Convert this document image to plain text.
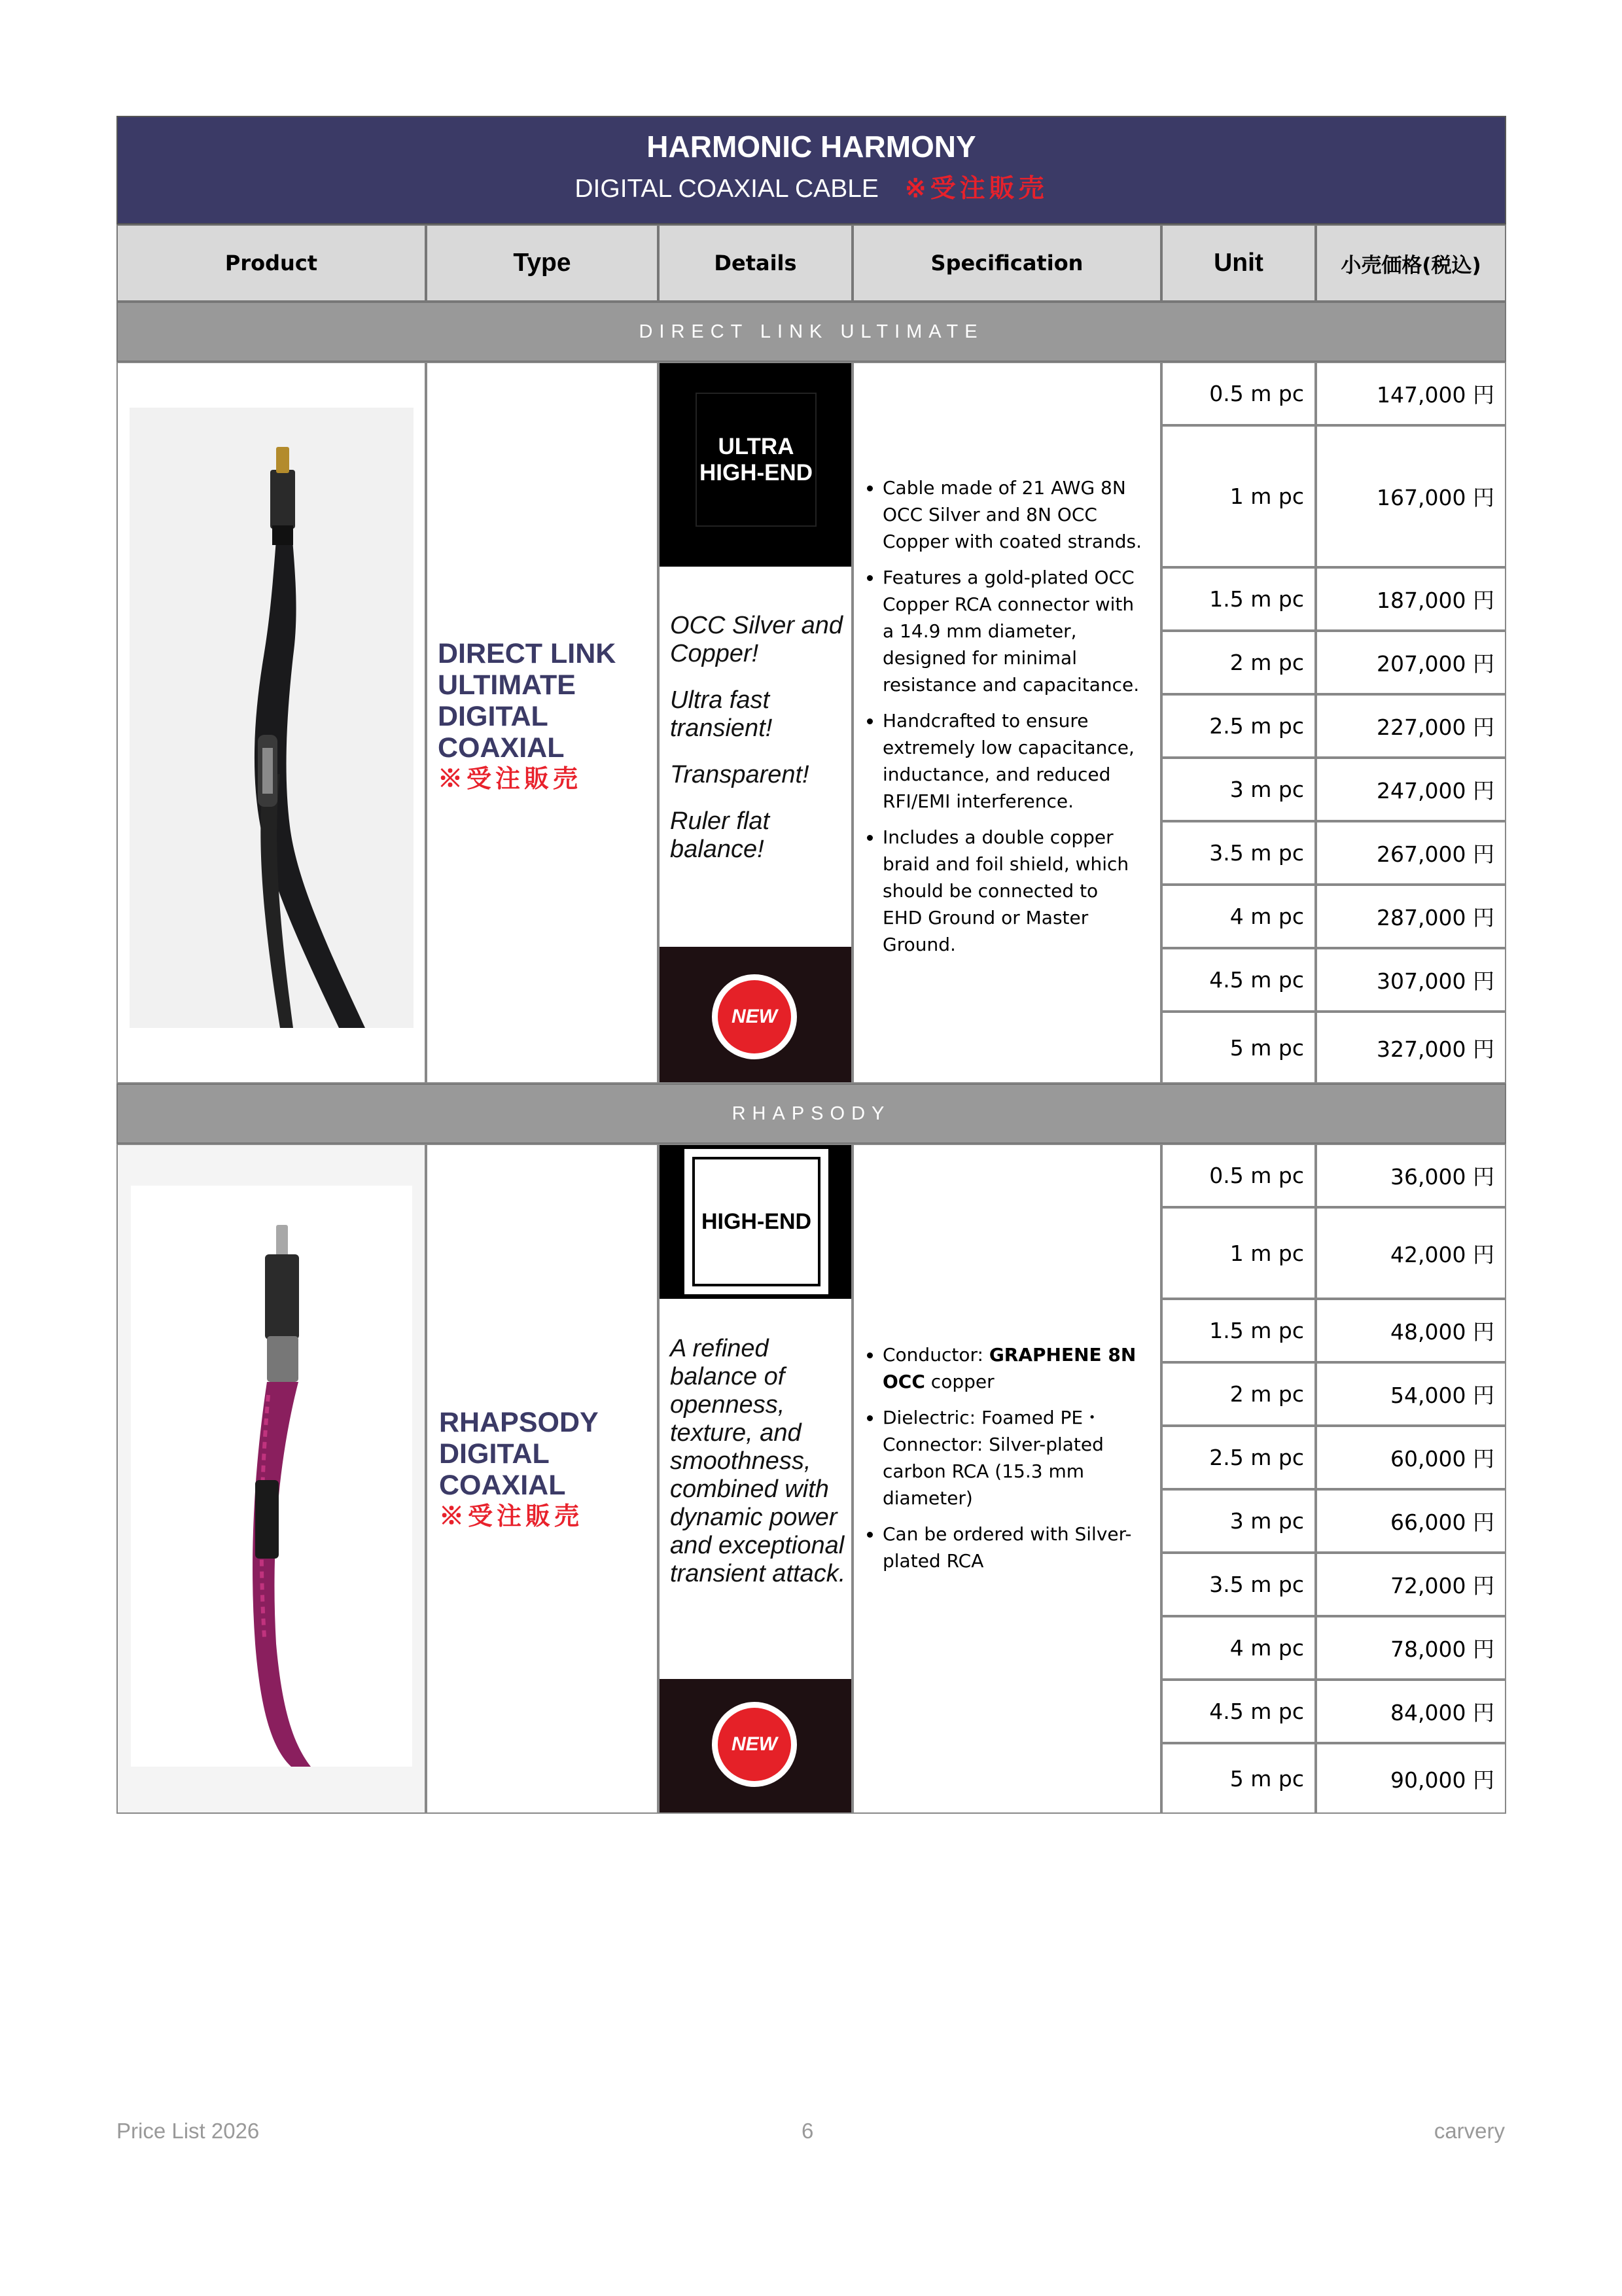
HARMONIC HARMONY
DIGITAL COAXIAL CABLE ※受注販売
Product	Type	Details	Specification	Unit	小売価格(税込)
DIRECT LINK ULTIMATE
DIRECT LINK
ULTIMATE
DIGITAL
COAXIAL
※受注販売
ULTRA
HIGH-END
OCC Silver and Copper!
Ultra fast transient!
Transparent!
Ruler flat balance!
NEW
• Cable made of 21 AWG 8N OCC Silver and 8N OCC Copper with coated strands.
• Features a gold-plated OCC Copper RCA connector with a 14.9 mm diameter, designed for minimal resistance and capacitance.
• Handcrafted to ensure extremely low capacitance, inductance, and reduced RFI/EMI interference.
• Includes a double copper braid and foil shield, which should be connected to EHD Ground or Master Ground.
0.5 m pc	147,000 円
1 m pc	167,000 円
1.5 m pc	187,000 円
2 m pc	207,000 円
2.5 m pc	227,000 円
3 m pc	247,000 円
3.5 m pc	267,000 円
4 m pc	287,000 円
4.5 m pc	307,000 円
5 m pc	327,000 円
RHAPSODY
RHAPSODY
DIGITAL
COAXIAL
※受注販売
HIGH-END
A refined balance of openness, texture, and smoothness, combined with dynamic power and exceptional transient attack.
NEW
• Conductor: GRAPHENE 8N OCC copper
• Dielectric: Foamed PE・Connector: Silver-plated carbon RCA (15.3 mm diameter)
• Can be ordered with Silver-plated RCA
0.5 m pc	36,000 円
1 m pc	42,000 円
1.5 m pc	48,000 円
2 m pc	54,000 円
2.5 m pc	60,000 円
3 m pc	66,000 円
3.5 m pc	72,000 円
4 m pc	78,000 円
4.5 m pc	84,000 円
5 m pc	90,000 円
Price List 2026	6	carvery
